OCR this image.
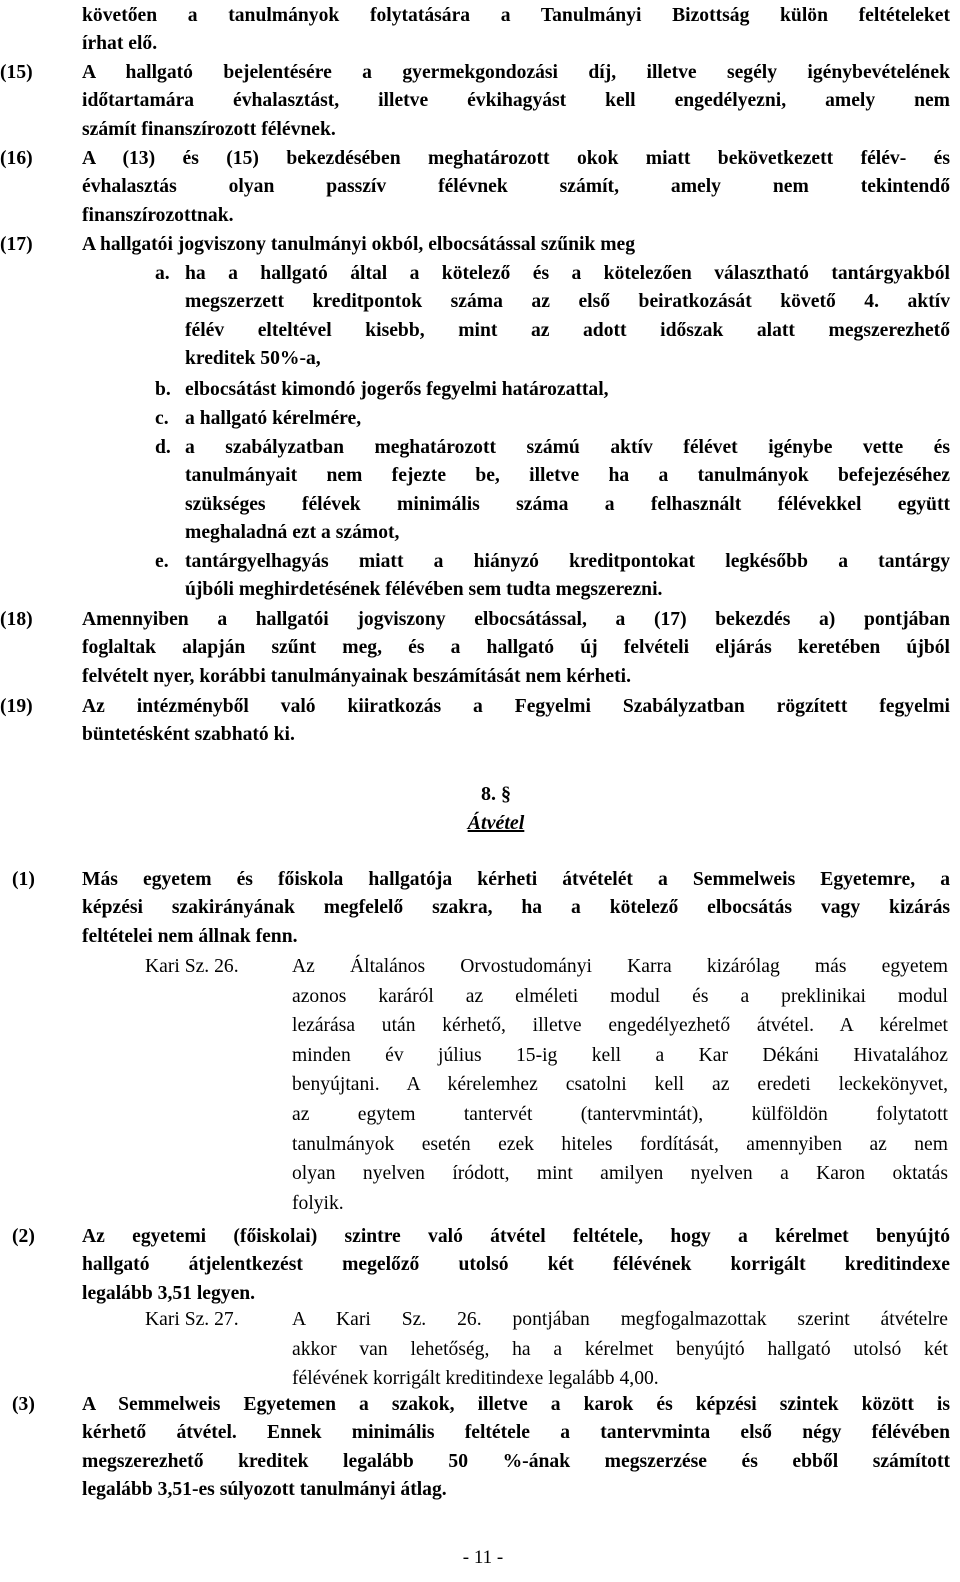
követően a tanulmányok folytatására a Tanulmányi Bizottság külön feltételeket
írhat elő.
(15)	A hallgató bejelentésére a gyermekgondozási díj, illetve segély igénybevételének
időtartamára évhalasztást, illetve évkihagyást kell engedélyezni, amely nem
számít finanszírozott félévnek.
(16)	A (13) és (15) bekezdésében meghatározott okok miatt bekövetkezett félév- és
évhalasztás olyan passzív félévnek számít, amely nem tekintendő
finanszírozottnak.
(17)	A hallgatói jogviszony tanulmányi okból, elbocsátással szűnik meg
a. ha a hallgató által a kötelező és a kötelezően választható tantárgyakból
megszerzett kreditpontok száma az első beiratkozását követő 4. aktív
félév elteltével kisebb, mint az adott időszak alatt megszerezhető
kreditek 50%-a,
b. elbocsátást kimondó jogerős fegyelmi határozattal,
c. a hallgató kérelmére,
d. a szabályzatban meghatározott számú aktív félévet igénybe vette és
tanulmányait nem fejezte be, illetve ha a tanulmányok befejezéséhez
szükséges félévek minimális száma a felhasznált félévekkel együtt
meghaladná ezt a számot,
e. tantárgyelhagyás miatt a hiányzó kreditpontokat legkésőbb a tantárgy
újbóli meghirdetésének félévében sem tudta megszerezni.
(18)	Amennyiben a hallgatói jogviszony elbocsátással, a (17) bekezdés a) pontjában
foglaltak alapján szűnt meg, és a hallgató új felvételi eljárás keretében újból
felvételt nyer, korábbi tanulmányainak beszámítását nem kérheti.
(19)	Az intézményből való kiiratkozás a Fegyelmi Szabályzatban rögzített fegyelmi
büntetésként szabható ki.
8. §
Átvétel
(1) Más egyetem és főiskola hallgatója kérheti átvételét a Semmelweis Egyetemre, a
képzési szakirányának megfelelő szakra, ha a kötelező elbocsátás vagy kizárás
feltételei nem állnak fenn.
Kari Sz. 26.	Az Általános Orvostudományi Karra kizárólag más egyetem
azonos karáról az elméleti modul és a preklinikai modul
lezárása után kérhető, illetve engedélyezhető átvétel. A kérelmet
minden év július 15-ig kell a Kar Dékáni Hivatalához
benyújtani. A kérelemhez csatolni kell az eredeti leckekönyvet,
az egytem tantervét (tantervmintát), külföldön folytatott
tanulmányok esetén ezek hiteles fordítását, amennyiben az nem
olyan nyelven íródott, mint amilyen nyelven a Karon oktatás
folyik.
(2) Az egyetemi (főiskolai) szintre való átvétel feltétele, hogy a kérelmet benyújtó
hallgató átjelentkezést megelőző utolsó két félévének korrigált kreditindexe
legalább 3,51 legyen.
Kari Sz. 27.	A Kari Sz. 26. pontjában megfogalmazottak szerint átvételre
akkor van lehetőség, ha a kérelmet benyújtó hallgató utolsó két
félévének korrigált kreditindexe legalább 4,00.
(3) A Semmelweis Egyetemen a szakok, illetve a karok és képzési szintek között is
kérhető átvétel. Ennek minimális feltétele a tantervminta első négy félévében
megszerezhető kreditek legalább 50 %-ának megszerzése és ebből számított
legalább 3,51-es súlyozott tanulmányi átlag.
- 11 -
